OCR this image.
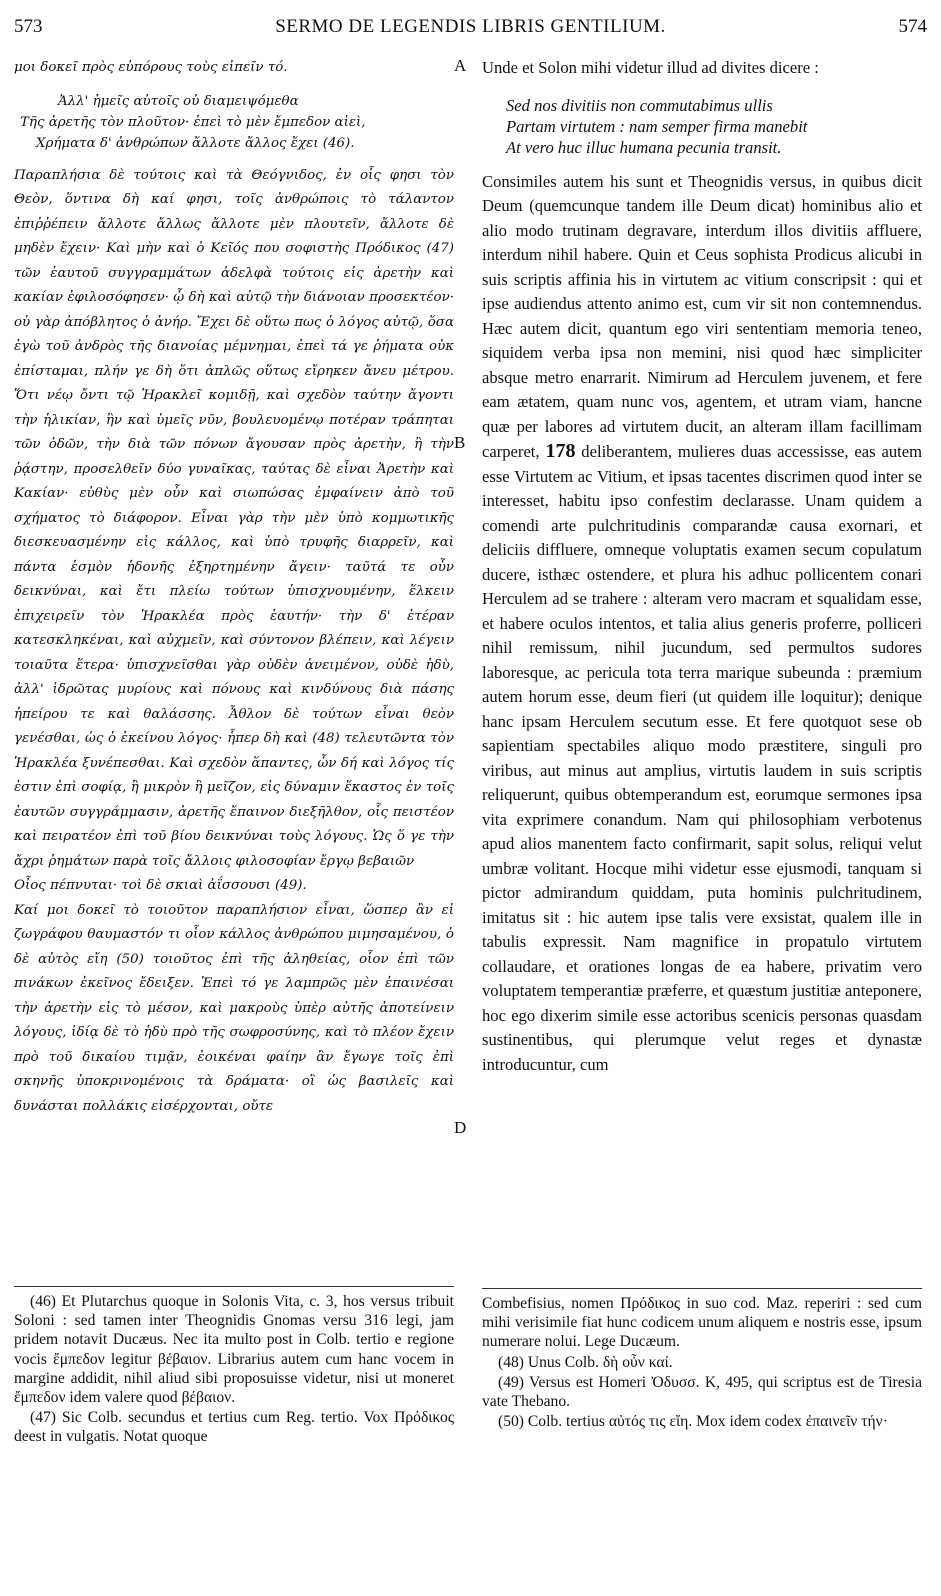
573	SERMO DE LEGENDIS LIBRIS GENTILIUM.	574
A
B
D

μοι δοκεῖ πρὸς εὐπόρους τοὺς εἰπεῖν τό.

Ἀλλ' ἡμεῖς αὐτοῖς οὐ διαμειψόμεθα
Τῆς ἀρετῆς τὸν πλοῦτον· ἐπεὶ τὸ μὲν ἔμπεδον αἰεὶ,
Χρήματα δ' ἀνθρώπων ἄλλοτε ἄλλος ἔχει (46).

Παραπλήσια δὲ τούτοις καὶ τὰ Θεόγνιδος, ἐν οἷς φησι τὸν Θεὸν, ὅντινα δὴ καί φησι, τοῖς ἀνθρώποις τὸ τάλαντον ἐπιῤῥέπειν ἄλλοτε ἄλλως ἄλλοτε μὲν πλουτεῖν, ἄλλοτε δὲ μηδὲν ἔχειν· Καὶ μὴν καὶ ὁ Κεῖός που σοφιστὴς Πρόδικος (47) τῶν ἑαυτοῦ συγγραμμάτων ἀδελφὰ τούτοις εἰς ἀρετὴν καὶ κακίαν ἐφιλοσόφησεν· ᾧ δὴ καὶ αὐτῷ τὴν διάνοιαν προσεκτέον· οὐ γὰρ ἀπόβλητος ὁ ἀνήρ. Ἔχει δὲ οὕτω πως ὁ λόγος αὐτῷ, ὅσα ἐγὼ τοῦ ἀνδρὸς τῆς διανοίας μέμνημαι, ἐπεὶ τά γε ῥήματα οὐκ ἐπίσταμαι, πλήν γε δὴ ὅτι ἁπλῶς οὕτως εἴρηκεν ἄνευ μέτρου. Ὅτι νέῳ ὄντι τῷ Ἡρακλεῖ κομιδῇ, καὶ σχεδὸν ταύτην ἄγοντι τὴν ἡλικίαν, ἣν καὶ ὑμεῖς νῦν, βουλευομένῳ ποτέραν τράπηται τῶν ὁδῶν, τὴν διὰ τῶν πόνων ἄγουσαν πρὸς ἀρετὴν, ἢ τὴν ῥᾴστην, προσελθεῖν δύο γυναῖκας, ταύτας δὲ εἶναι Ἀρετὴν καὶ Κακίαν· εὐθὺς μὲν οὖν καὶ σιωπώσας ἐμφαίνειν ἀπὸ τοῦ σχήματος τὸ διάφορον. Εἶναι γὰρ τὴν μὲν ὑπὸ κομμωτικῆς διεσκευασμένην εἰς κάλλος, καὶ ὑπὸ τρυφῆς διαρρεῖν, καὶ πάντα ἑσμὸν ἡδονῆς ἐξηρτημένην ἄγειν· ταῦτά τε οὖν δεικνύναι, καὶ ἔτι πλείω τούτων ὑπισχνουμένην, ἕλκειν ἐπιχειρεῖν τὸν Ἡρακλέα πρὸς ἑαυτήν· τὴν δ' ἑτέραν κατεσκληκέναι, καὶ αὐχμεῖν, καὶ σύντονον βλέπειν, καὶ λέγειν τοιαῦτα ἕτερα· ὑπισχνεῖσθαι γὰρ οὐδὲν ἀνειμένον, οὐδὲ ἡδὺ, ἀλλ' ἱδρῶτας μυρίους καὶ πόνους καὶ κινδύνους διὰ πάσης ἠπείρου τε καὶ θαλάσσης. Ἆθλον δὲ τούτων εἶναι θεὸν γενέσθαι, ὡς ὁ ἐκείνου λόγος· ἧπερ δὴ καὶ (48) τελευτῶντα τὸν Ἡρακλέα ξυνέπεσθαι. Καὶ σχεδὸν ἅπαντες, ὧν δή καὶ λόγος τίς ἐστιν ἐπὶ σοφίᾳ, ἢ μικρὸν ἢ μεῖζον, εἰς δύναμιν ἕκαστος ἐν τοῖς ἑαυτῶν συγγράμμασιν, ἀρετῆς ἔπαινον διεξῆλθον, οἷς πειστέον καὶ πειρατέον ἐπὶ τοῦ βίου δεικνύναι τοὺς λόγους. Ὡς ὅ γε τὴν ἄχρι ῥημάτων παρὰ τοῖς ἄλλοις φιλοσοφίαν ἔργῳ βεβαιῶν

Οἶος πέπνυται· τοὶ δὲ σκιαὶ ἀΐσσουσι (49).

Καί μοι δοκεῖ τὸ τοιοῦτον παραπλήσιον εἶναι, ὥσπερ ἂν εἰ ζωγράφου θαυμαστόν τι οἷον κάλλος ἀνθρώπου μιμησαμένου, ὁ δὲ αὐτὸς εἴη (50) τοιοῦτος ἐπὶ τῆς ἀληθείας, οἷον ἐπὶ τῶν πινάκων ἐκεῖνος ἔδειξεν. Ἐπεὶ τό γε λαμπρῶς μὲν ἐπαινέσαι τὴν ἀρετὴν εἰς τὸ μέσον, καὶ μακροὺς ὑπὲρ αὐτῆς ἀποτείνειν λόγους, ἰδίᾳ δὲ τὸ ἡδὺ πρὸ τῆς σωφροσύνης, καὶ τὸ πλέον ἔχειν πρὸ τοῦ δικαίου τιμᾷν, ἐοικέναι φαίην ἂν ἔγωγε τοῖς ἐπὶ σκηνῆς ὑποκρινομένοις τὰ δράματα· οἳ ὡς βασιλεῖς καὶ δυνάσται πολλάκις εἰσέρχονται, οὔτε

Unde et Solon mihi videtur illud ad divites dicere :

Sed nos divitiis non commutabimus ullis
Partam virtutem : nam semper firma manebit
At vero huc illuc humana pecunia transit.

Consimiles autem his sunt et Theognidis versus, in quibus dicit Deum (quemcunque tandem ille Deum dicat) hominibus alio et alio modo trutinam degravare, interdum illos divitiis affluere, interdum nihil habere. Quin et Ceus sophista Prodicus alicubi in suis scriptis affinia his in virtutem ac vitium conscripsit : qui et ipse audiendus attento animo est, cum vir sit non contemnendus. Hæc autem dicit, quantum ego viri sententiam memoria teneo, siquidem verba ipsa non memini, nisi quod hæc simpliciter absque metro enarrarit. Nimirum ad Herculem juvenem, et fere eam ætatem, quam nunc vos, agentem, et utram viam, hancne quæ per labores ad virtutem ducit, an alteram illam facillimam carperet, 178 deliberantem, mulieres duas accessisse, eas autem esse Virtutem ac Vitium, et ipsas tacentes discrimen quod inter se interesset, habitu ipso confestim declarasse. Unam quidem a comendi arte pulchritudinis comparandæ causa exornari, et deliciis diffluere, omneque voluptatis examen secum copulatum ducere, isthæc ostendere, et plura his adhuc pollicentem conari Herculem ad se trahere : alteram vero macram et squalidam esse, et habere oculos intentos, et talia alius generis proferre, polliceri nihil remissum, nihil jucundum, sed permultos sudores laboresque, ac pericula tota terra marique subeunda : præmium autem horum esse, deum fieri (ut quidem ille loquitur); denique hanc ipsam Herculem secutum esse. Et fere quotquot sese ob sapientiam spectabiles aliquo modo præstitere, singuli pro viribus, aut minus aut amplius, virtutis laudem in suis scriptis reliquerunt, quibus obtemperandum est, eorumque sermones ipsa vita exprimere conandum. Nam qui philosophiam verbotenus apud alios manentem facto confirmarit, sapit solus, reliqui velut umbræ volitant. Hocque mihi videtur esse ejusmodi, tanquam si pictor admirandum quiddam, puta hominis pulchritudinem, imitatus sit : hic autem ipse talis vere exsistat, qualem ille in tabulis expressit. Nam magnifice in propatulo virtutem collaudare, et orationes longas de ea habere, privatim vero voluptatem temperantiæ præferre, et quæstum justitiæ anteponere, hoc ego dixerim simile esse actoribus scenicis personas quasdam sustinentibus, qui plerumque velut reges et dynastæ introducuntur, cum

(46) Et Plutarchus quoque in Solonis Vita, c. 3, hos versus tribuit Soloni : sed tamen inter Theognidis Gnomas versu 316 legi, jam pridem notavit Ducæus. Nec ita multo post in Colb. tertio e regione vocis ἔμπεδον legitur βέβαιον. Librarius autem cum hanc vocem in margine addidit, nihil aliud sibi proposuisse videtur, nisi ut moneret ἔμπεδον idem valere quod βέβαιον.

(47) Sic Colb. secundus et tertius cum Reg. tertio. Vox Πρόδικος deest in vulgatis. Notat quoque

Combefisius, nomen Πρόδικος in suo cod. Maz. reperiri : sed cum mihi verisimile fiat hunc codicem unum aliquem e nostris esse, ipsum numerare nolui. Lege Ducæum.

(48) Unus Colb. δὴ οὖν καί.

(49) Versus est Homeri Ὀδυσσ. Κ, 495, qui scriptus est de Tiresia vate Thebano.

(50) Colb. tertius αὐτός τις εἴη. Mox idem codex ἐπαινεῖν τήν·
